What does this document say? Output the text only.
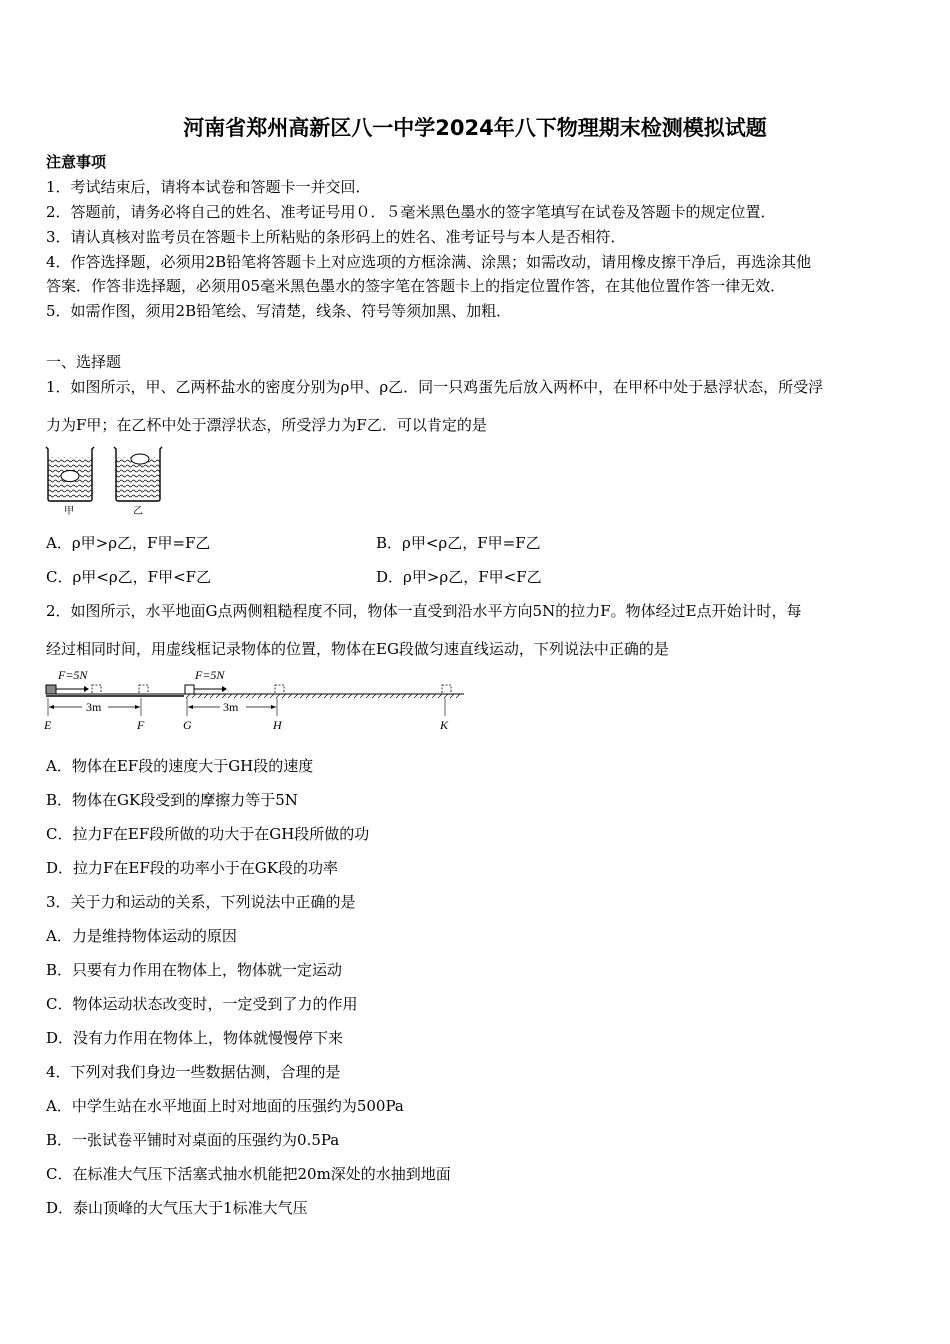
河南省郑州高新区八一中学2024年八下物理期末检测模拟试题
注意事项
1．考试结束后，请将本试卷和答题卡一并交回．
2．答题前，请务必将自己的姓名、准考证号用０．５毫米黑色墨水的签字笔填写在试卷及答题卡的规定位置．
3．请认真核对监考员在答题卡上所粘贴的条形码上的姓名、准考证号与本人是否相符．
4．作答选择题，必须用2B铅笔将答题卡上对应选项的方框涂满、涂黑；如需改动，请用橡皮擦干净后，再选涂其他
答案．作答非选择题，必须用05毫米黑色墨水的签字笔在答题卡上的指定位置作答，在其他位置作答一律无效．
5．如需作图，须用2B铅笔绘、写清楚，线条、符号等须加黑、加粗．
一、选择题
1．如图所示，甲、乙两杯盐水的密度分别为ρ甲、ρ乙．同一只鸡蛋先后放入两杯中，在甲杯中处于悬浮状态，所受浮
力为F甲；在乙杯中处于漂浮状态，所受浮力为F乙．可以肯定的是
甲	乙
A．ρ甲>ρ乙，F甲=F乙	B．ρ甲<ρ乙，F甲=F乙
C．ρ甲<ρ乙，F甲<F乙	D．ρ甲>ρ乙，F甲<F乙
2．如图所示，水平地面G点两侧粗糙程度不同，物体一直受到沿水平方向5N的拉力F。物体经过E点开始计时，每
经过相同时间，用虚线框记录物体的位置，物体在EG段做匀速直线运动，下列说法中正确的是
F=5N	F=5N
3m	3m
E	F	G	H	K
A．物体在EF段的速度大于GH段的速度
B．物体在GK段受到的摩擦力等于5N
C．拉力F在EF段所做的功大于在GH段所做的功
D．拉力F在EF段的功率小于在GK段的功率
3．关于力和运动的关系，下列说法中正确的是
A．力是维持物体运动的原因
B．只要有力作用在物体上，物体就一定运动
C．物体运动状态改变时，一定受到了力的作用
D．没有力作用在物体上，物体就慢慢停下来
4．下列对我们身边一些数据估测，合理的是
A．中学生站在水平地面上时对地面的压强约为500Pa
B．一张试卷平铺时对桌面的压强约为0.5Pa
C．在标准大气压下活塞式抽水机能把20m深处的水抽到地面
D．泰山顶峰的大气压大于1标准大气压
